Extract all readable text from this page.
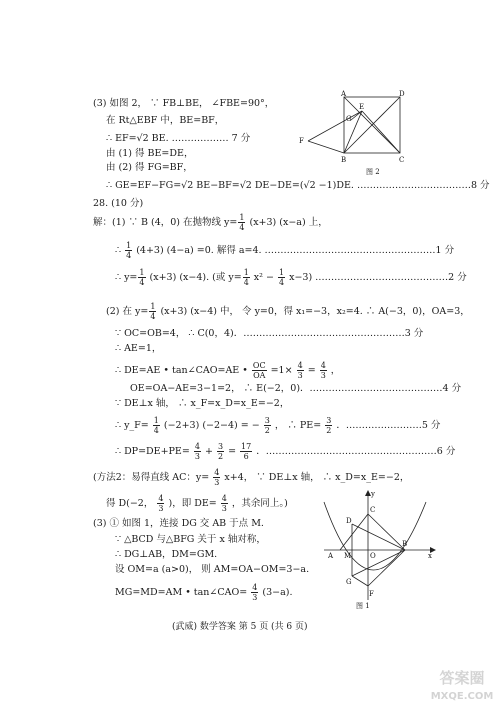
(3) 如图 2， ∵ FB⊥BE， ∠FBE=90°，
在 Rt△EBF 中，BE=BF，
∴ EF=√2 BE. ……………… 7 分
由 (1) 得 BE=DE，
由 (2) 得 FG=BF，
∴ GE=EF−FG=√2 BE−BF=√2 DE−DE=(√2 −1)DE. ………………………………8 分
A	D
B	C
E
G
F
图 2
28. (10 分)
解：(1) ∵ B (4，0) 在抛物线 $y= \frac{1}{4} (x+3)$ (x−a) 上，
∴ $\frac{1}{4} (4+3)$ (4−a) =0. 解得 a=4. ………………………………………………1 分
∴ $y= \frac{1}{4} (x+3)$ (x−4). (或 $y= \frac{1}{4} x^2 - \frac{1}{4} x-3$) ……………………………………2 分
(2) 在 $y= \frac{1}{4} (x+3)$ (x−4) 中， 令 y=0，得 x₁=−3，x₂=4. ∴ A(−3，0)，OA=3，
∵ OC=OB=4， ∴ C(0，4)．……………………………………………3 分
∴ AE=1，
∴ DE=AE • tan∠CAO=AE • $\frac{OC}{OA} =1\times \frac{4}{3} = \frac{4}{3}$ ，
OE=OA−AE=3−1=2， ∴ E(−2，0)．……………………………………4 分
∵ DE⊥x 轴， ∴ x_F=x_D=x_E=−2，
∴ y_F= $\frac{1}{4} (-2+3) (-2-4)$ = − $\frac{3}{2}$ ， ∴ $PE= \frac{3}{2}$ ．……………………5 分
∴ $DP=DE+PE= \frac{4}{3} + \frac{3}{2} = \frac{17}{6}$ ．………………………………………………6 分
(方法2：易得直线 AC：$y= \frac{4}{3} x+4$， ∵ DE⊥x 轴， ∴ x_D=x_E=−2，
得 D(−2， $\frac{4}{3}$ )，即 $DE= \frac{4}{3}$ ，其余同上。)
(3) ① 如图 1，连接 DG 交 AB 于点 M.
∵ △BCD 与△BFG 关于 x 轴对称，
∴ DG⊥AB，DM=GM.
设 OM=a (a>0)， 则 AM=OA−OM=3−a.
MG=MD=AM • tan∠CAO= $\frac{4}{3} (3-a)$.
y
x
C
D
A M	O
B
G
F
图 1
(武威) 数学答案 第 5 页 (共 6 页)
答案圈
MXQE.COM
